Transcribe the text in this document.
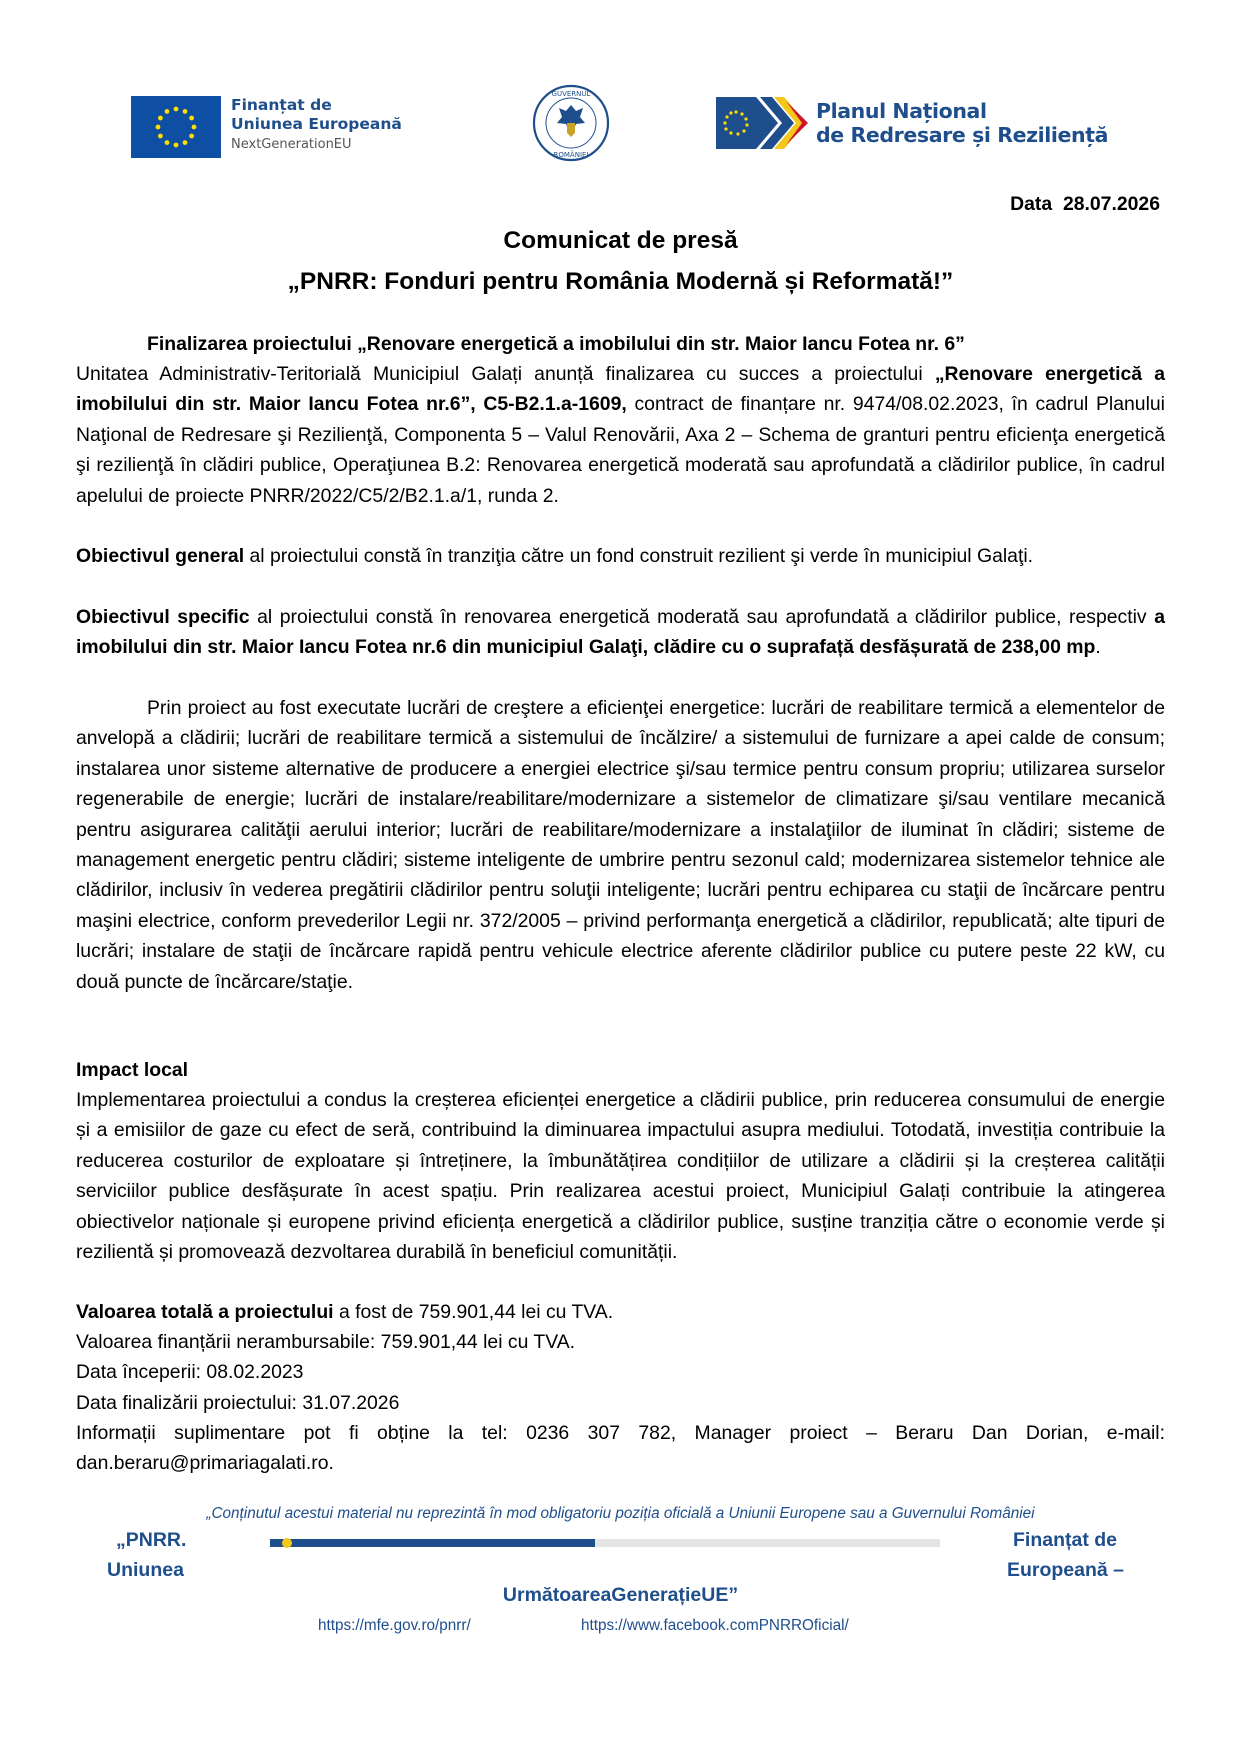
Finanțat de
Uniunea Europeană
NextGenerationEU
GUVERNUL
ROMÂNIEI
Planul Național
de Redresare și Reziliență
Data  28.07.2026
Comunicat de presă
„PNRR: Fonduri pentru România Modernă și Reformată!”
Finalizarea proiectului „Renovare energetică a imobilului din str. Maior Iancu Fotea nr. 6”
Unitatea Administrativ-Teritorială Municipiul Galați anunță finalizarea cu succes a proiectului „Renovare energetică a imobilului din str. Maior Iancu Fotea nr.6”, C5-B2.1.a-1609, contract de finanțare nr. 9474/08.02.2023, în cadrul Planului Naţional de Redresare şi Rezilienţă, Componenta 5 – Valul Renovării, Axa 2 – Schema de granturi pentru eficienţa energetică şi rezilienţă în clădiri publice, Operaţiunea B.2: Renovarea energetică moderată sau aprofundată a clădirilor publice, în cadrul apelului de proiecte PNRR/2022/C5/2/B2.1.a/1, runda 2.
Obiectivul general al proiectului constă în tranziţia către un fond construit rezilient şi verde în municipiul Galaţi.
Obiectivul specific al proiectului constă în renovarea energetică moderată sau aprofundată a clădirilor publice, respectiv a imobilului din str. Maior Iancu Fotea nr.6 din municipiul Galaţi, clădire cu o suprafață desfășurată de 238,00 mp.
Prin proiect au fost executate lucrări de creştere a eficienţei energetice: lucrări de reabilitare termică a elementelor de anvelopă a clădirii; lucrări de reabilitare termică a sistemului de încălzire/ a sistemului de furnizare a apei calde de consum; instalarea unor sisteme alternative de producere a energiei electrice şi/sau termice pentru consum propriu; utilizarea surselor regenerabile de energie; lucrări de instalare/reabilitare/modernizare a sistemelor de climatizare şi/sau ventilare mecanică pentru asigurarea calităţii aerului interior; lucrări de reabilitare/modernizare a instalaţiilor de iluminat în clădiri; sisteme de management energetic pentru clădiri; sisteme inteligente de umbrire pentru sezonul cald; modernizarea sistemelor tehnice ale clădirilor, inclusiv în vederea pregătirii clădirilor pentru soluţii inteligente; lucrări pentru echiparea cu staţii de încărcare pentru maşini electrice, conform prevederilor Legii nr. 372/2005 – privind performanţa energetică a clădirilor, republicată; alte tipuri de lucrări; instalare de staţii de încărcare rapidă pentru vehicule electrice aferente clădirilor publice cu putere peste 22 kW, cu două puncte de încărcare/staţie.
Impact local
Implementarea proiectului a condus la creșterea eficienței energetice a clădirii publice, prin reducerea consumului de energie și a emisiilor de gaze cu efect de seră, contribuind la diminuarea impactului asupra mediului. Totodată, investiția contribuie la reducerea costurilor de exploatare și întreținere, la îmbunătățirea condițiilor de utilizare a clădirii și la creșterea calității serviciilor publice desfășurate în acest spațiu. Prin realizarea acestui proiect, Municipiul Galați contribuie la atingerea obiectivelor naționale și europene privind eficiența energetică a clădirilor publice, susține tranziția către o economie verde și rezilientă și promovează dezvoltarea durabilă în beneficiul comunității.
Valoarea totală a proiectului a fost de 759.901,44 lei cu TVA.
Valoarea finanțării nerambursabile: 759.901,44 lei cu TVA.
Data începerii: 08.02.2023
Data finalizării proiectului: 31.07.2026
Informații suplimentare pot fi obține la tel: 0236 307 782, Manager proiect – Beraru Dan Dorian, e-mail: dan.beraru@primariagalati.ro.
„Conținutul acestui material nu reprezintă în mod obligatoriu poziția oficială a Uniunii Europene sau a Guvernului României
„PNRR.
Uniunea
Finanțat de
Europeană –
UrmătoareaGenerațieUE”
https://mfe.gov.ro/pnrr/	https://www.facebook.comPNRROficial/
